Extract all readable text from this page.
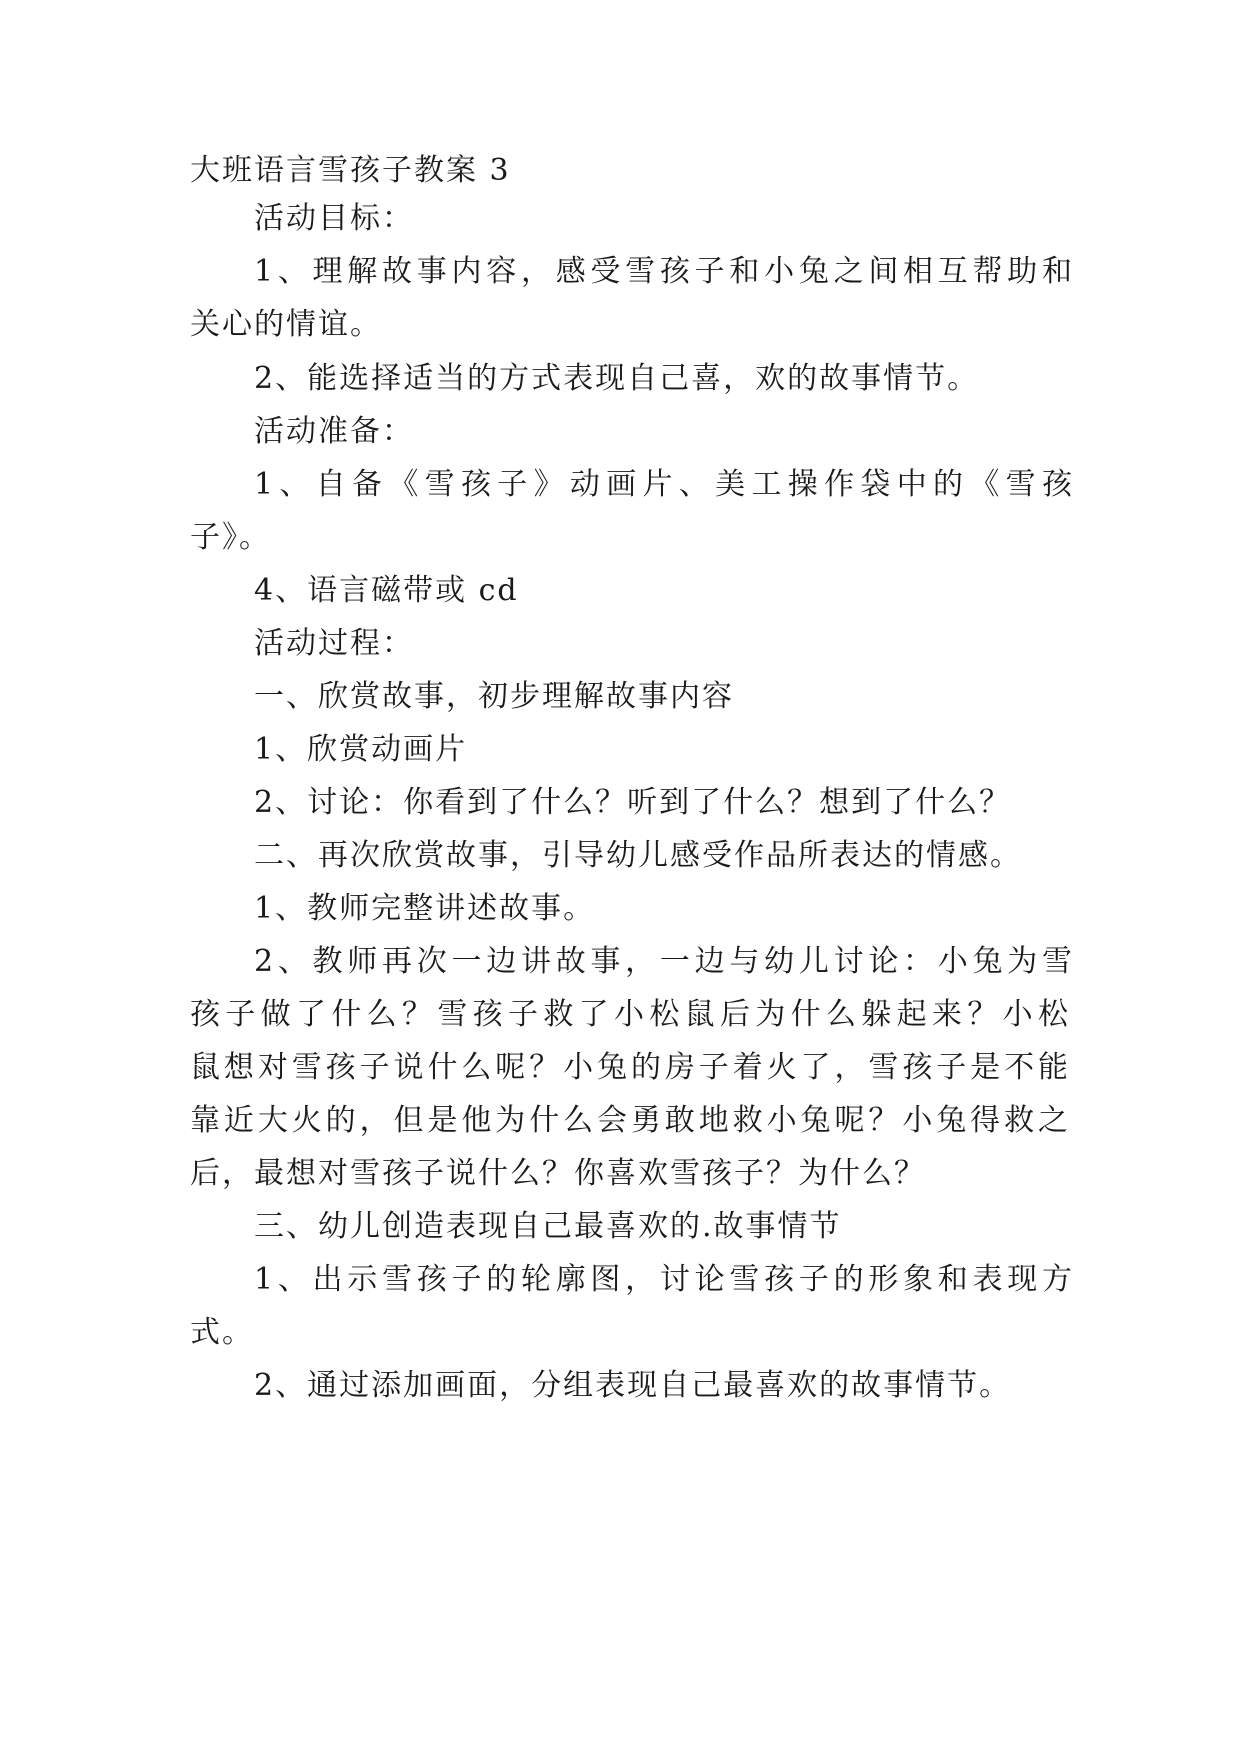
大班语言雪孩子教案 3
活动目标：
1、理解故事内容，感受雪孩子和小兔之间相互帮助和
关心的情谊。
2、能选择适当的方式表现自己喜，欢的故事情节。
活动准备：
1、自备《雪孩子》动画片、美工操作袋中的《雪孩
子》。
4、语言磁带或 cd
活动过程：
一、欣赏故事，初步理解故事内容
1、欣赏动画片
2、讨论：你看到了什么？听到了什么？想到了什么？
二、再次欣赏故事，引导幼儿感受作品所表达的情感。
1、教师完整讲述故事。
2、教师再次一边讲故事，一边与幼儿讨论：小兔为雪
孩子做了什么？雪孩子救了小松鼠后为什么躲起来？小松
鼠想对雪孩子说什么呢？小兔的房子着火了，雪孩子是不能
靠近大火的，但是他为什么会勇敢地救小兔呢？小兔得救之
后，最想对雪孩子说什么？你喜欢雪孩子？为什么？
三、幼儿创造表现自己最喜欢的.故事情节
1、出示雪孩子的轮廓图，讨论雪孩子的形象和表现方
式。
2、通过添加画面，分组表现自己最喜欢的故事情节。
